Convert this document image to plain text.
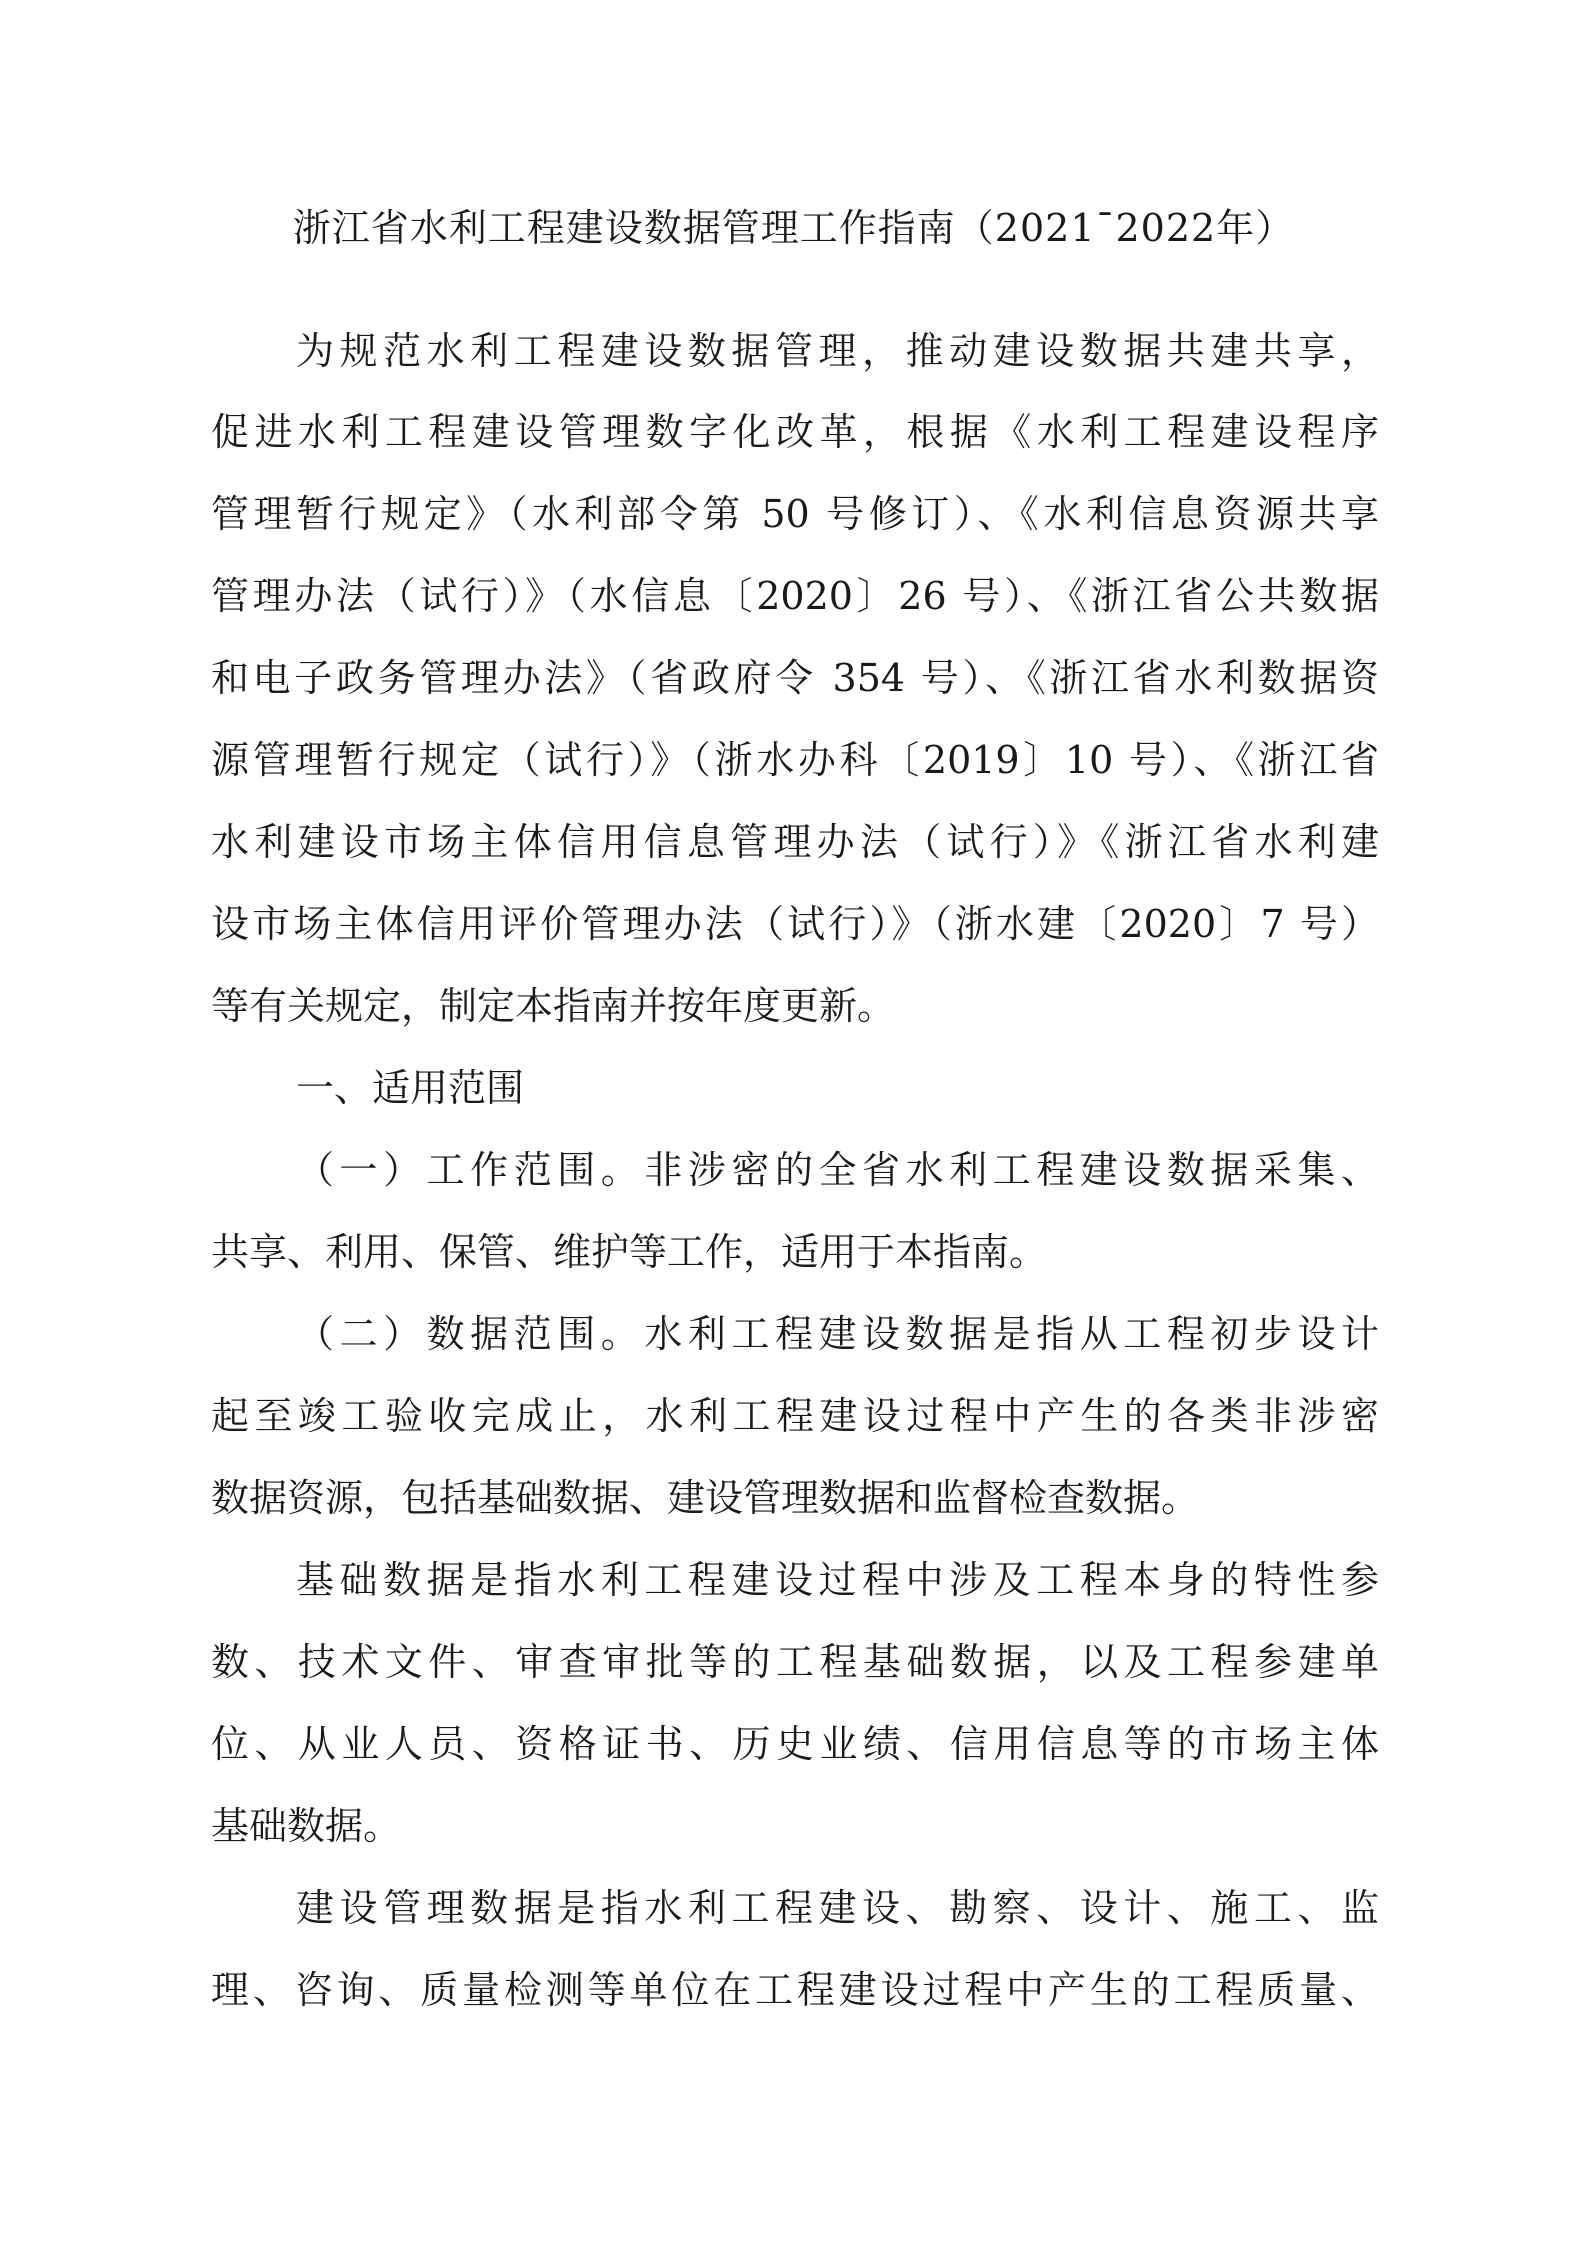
浙江省水利工程建设数据管理工作指南（2021¯2022年）
为规范水利工程建设数据管理，推动建设数据共建共享，
促进水利工程建设管理数字化改革，根据《水利工程建设程序
管理暂行规定》（水利部令第 50 号修订）、《水利信息资源共享
管理办法（试行）》（水信息〔2020〕26 号）、《浙江省公共数据
和电子政务管理办法》（省政府令 354 号）、《浙江省水利数据资
源管理暂行规定（试行）》（浙水办科〔2019〕10 号）、《浙江省
水利建设市场主体信用信息管理办法（试行）》《浙江省水利建
设市场主体信用评价管理办法（试行）》（浙水建〔2020〕7 号）
等有关规定，制定本指南并按年度更新。
一、适用范围
（一）工作范围。非涉密的全省水利工程建设数据采集、
共享、利用、保管、维护等工作，适用于本指南。
（二）数据范围。水利工程建设数据是指从工程初步设计
起至竣工验收完成止，水利工程建设过程中产生的各类非涉密
数据资源，包括基础数据、建设管理数据和监督检查数据。
基础数据是指水利工程建设过程中涉及工程本身的特性参
数、技术文件、审查审批等的工程基础数据，以及工程参建单
位、从业人员、资格证书、历史业绩、信用信息等的市场主体
基础数据。
建设管理数据是指水利工程建设、勘察、设计、施工、监
理、咨询、质量检测等单位在工程建设过程中产生的工程质量、
